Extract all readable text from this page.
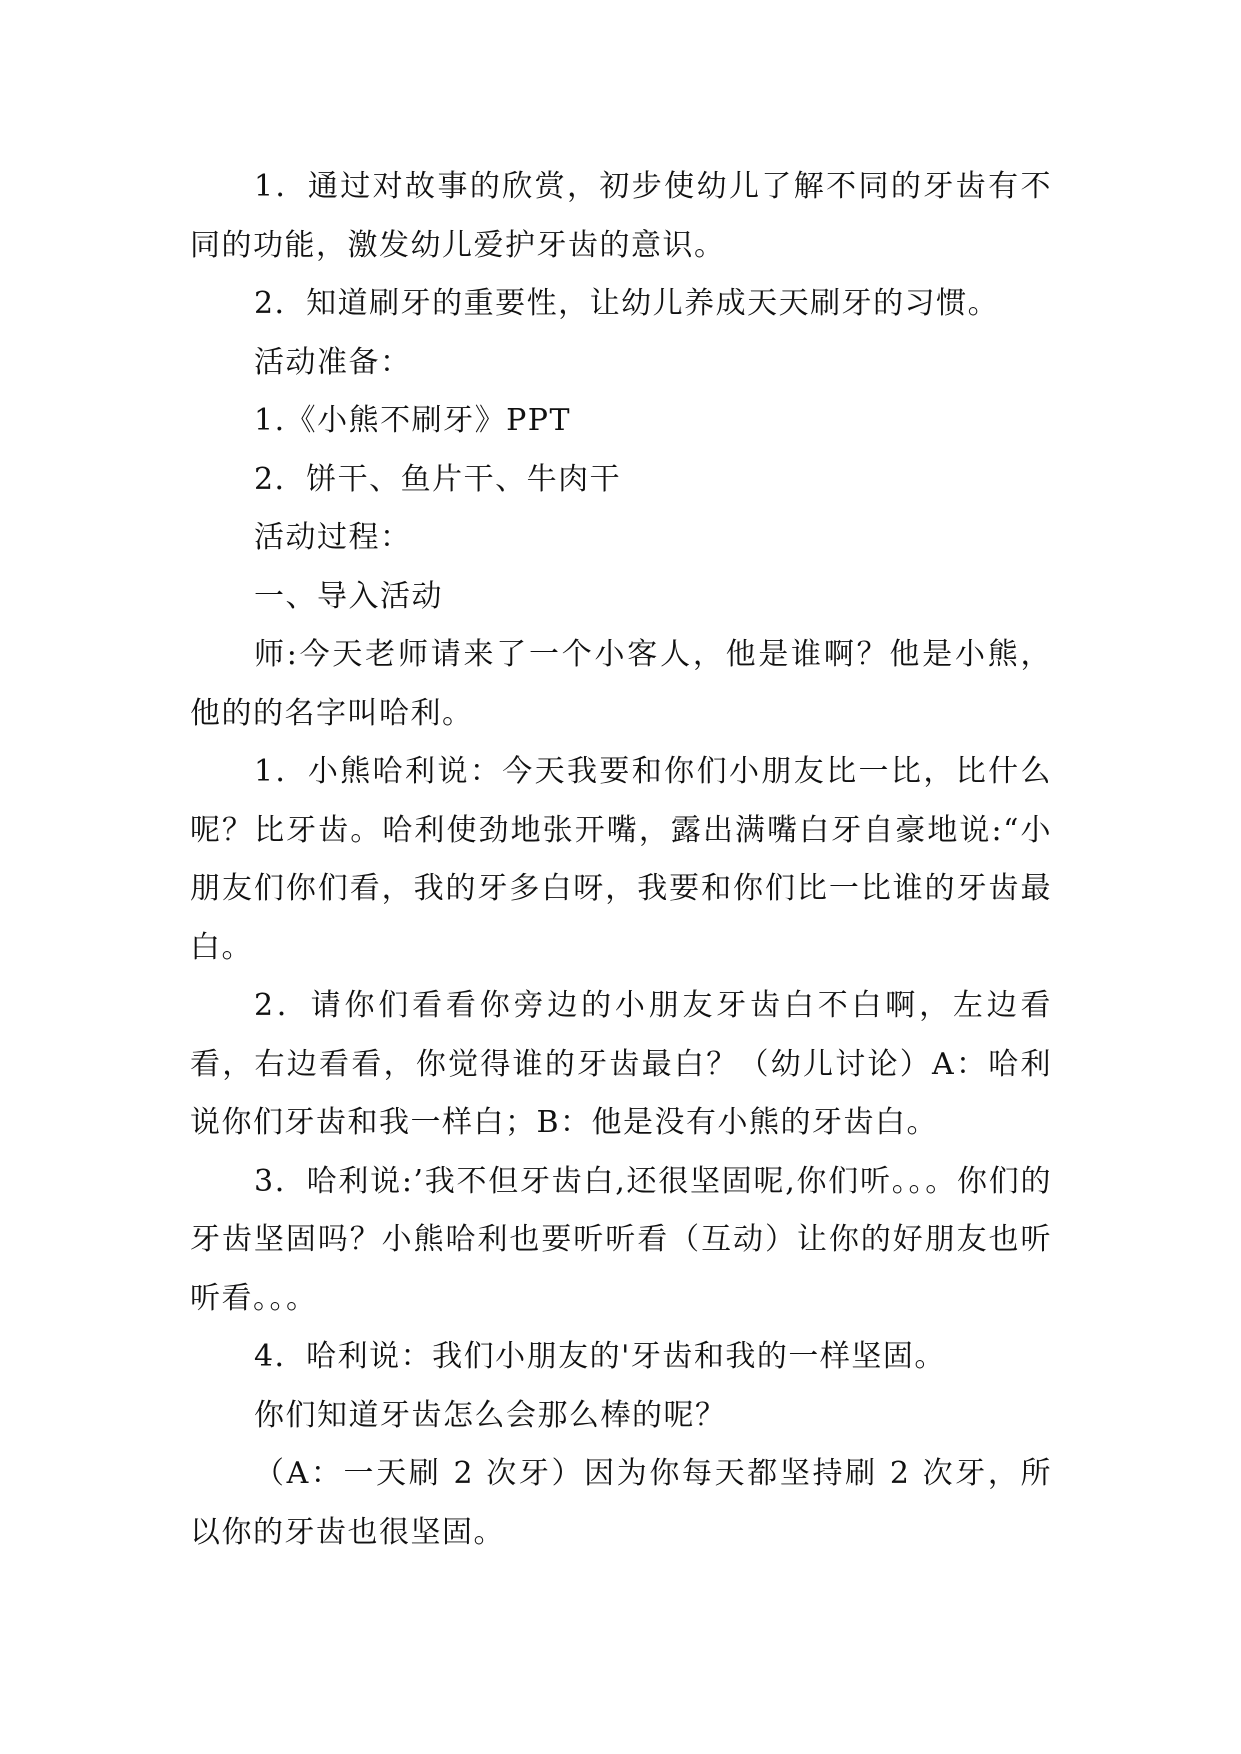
1．通过对故事的欣赏，初步使幼儿了解不同的牙齿有不同的功能，激发幼儿爱护牙齿的意识。

2．知道刷牙的重要性，让幼儿养成天天刷牙的习惯。

活动准备：

1.《小熊不刷牙》PPT

2．饼干、鱼片干、牛肉干

活动过程：

一、导入活动

师:今天老师请来了一个小客人，他是谁啊？他是小熊，他的的名字叫哈利。

1．小熊哈利说：今天我要和你们小朋友比一比，比什么呢？比牙齿。哈利使劲地张开嘴，露出满嘴白牙自豪地说:“小朋友们你们看，我的牙多白呀，我要和你们比一比谁的牙齿最白。

2．请你们看看你旁边的小朋友牙齿白不白啊，左边看看，右边看看，你觉得谁的牙齿最白？（幼儿讨论）A：哈利说你们牙齿和我一样白；B：他是没有小熊的牙齿白。

3．哈利说:’我不但牙齿白,还很坚固呢,你们听。。。你们的牙齿坚固吗？小熊哈利也要听听看（互动）让你的好朋友也听听看。。。

4．哈利说：我们小朋友的'牙齿和我的一样坚固。

你们知道牙齿怎么会那么棒的呢？

（A：一天刷 2 次牙）因为你每天都坚持刷 2 次牙，所以你的牙齿也很坚固。
